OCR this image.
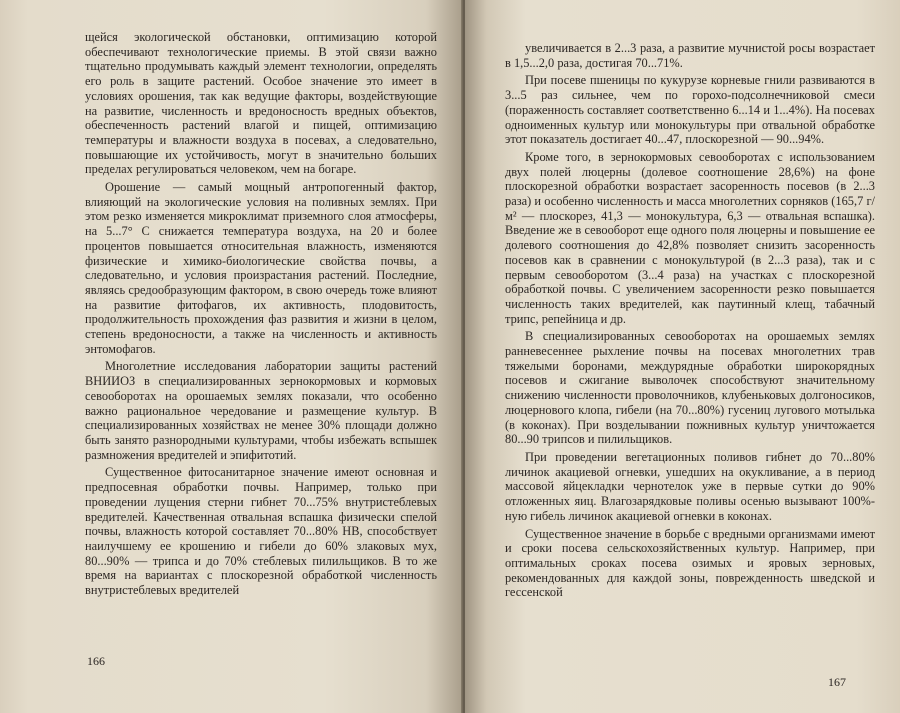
щейся экологической обстановки, оптимизацию которой обеспечивают технологические приемы. В этой связи важно тщательно продумывать каждый элемент технологии, определять его роль в защите растений. Особое значение это имеет в условиях орошения, так как ведущие факторы, воздействующие на развитие, численность и вредоносность вредных объектов, обеспеченность растений влагой и пищей, оптимизацию температуры и влажности воздуха в посевах, а следовательно, повышающие их устойчивость, могут в значительно больших пределах регулироваться человеком, чем на богаре.

Орошение — самый мощный антропогенный фактор, влияющий на экологические условия на поливных землях. При этом резко изменяется микроклимат приземного слоя атмосферы, на 5...7° С снижается температура воздуха, на 20 и более процентов повышается относительная влажность, изменяются физические и химико-биологические свойства почвы, а следовательно, и условия произрастания растений. Последние, являясь средообразующим фактором, в свою очередь тоже влияют на развитие фитофагов, их активность, плодовитость, продолжительность прохождения фаз развития и жизни в целом, степень вредоносности, а также на численность и активность энтомофагов.

Многолетние исследования лаборатории защиты растений ВНИИОЗ в специализированных зернокормовых и кормовых севооборотах на орошаемых землях показали, что особенно важно рациональное чередование и размещение культур. В специализированных хозяйствах не менее 30% площади должно быть занято разнородными культурами, чтобы избежать вспышек размножения вредителей и эпифитотий.

Существенное фитосанитарное значение имеют основная и предпосевная обработки почвы. Например, только при проведении лущения стерни гибнет 70...75% внутристеблевых вредителей. Качественная отвальная вспашка физически спелой почвы, влажность которой составляет 70...80% НВ, способствует наилучшему ее крошению и гибели до 60% злаковых мух, 80...90% — трипса и до 70% стеблевых пилильщиков. В то же время на вариантах с плоскорезной обработкой численность внутристеблевых вредителей

166

увеличивается в 2...3 раза, а развитие мучнистой росы возрастает в 1,5...2,0 раза, достигая 70...71%.

При посеве пшеницы по кукурузе корневые гнили развиваются в 3...5 раз сильнее, чем по горохо-подсолнечниковой смеси (пораженность составляет соответственно 6...14 и 1...4%). На посевах одноименных культур или монокультуры при отвальной обработке этот показатель достигает 40...47, плоскорезной — 90...94%.

Кроме того, в зернокормовых севооборотах с использованием двух полей люцерны (долевое соотношение 28,6%) на фоне плоскорезной обработки возрастает засоренность посевов (в 2...3 раза) и особенно численность и масса многолетних сорняков (165,7 г/м² — плоскорез, 41,3 — монокультура, 6,3 — отвальная вспашка). Введение же в севооборот еще одного поля люцерны и повышение ее долевого соотношения до 42,8% позволяет снизить засоренность посевов как в сравнении с монокультурой (в 2...3 раза), так и с первым севооборотом (3...4 раза) на участках с плоскорезной обработкой почвы. С увеличением засоренности резко повышается численность таких вредителей, как паутинный клещ, табачный трипс, репейница и др.

В специализированных севооборотах на орошаемых землях ранневесеннее рыхление почвы на посевах многолетних трав тяжелыми боронами, междурядные обработки широкорядных посевов и сжигание выволочек способствуют значительному снижению численности проволочников, клубеньковых долгоносиков, люцернового клопа, гибели (на 70...80%) гусениц лугового мотылька (в коконах). При возделывании пожнивных культур уничтожается 80...90 трипсов и пилильщиков.

При проведении вегетационных поливов гибнет до 70...80% личинок акациевой огневки, ушедших на окукливание, а в период массовой яйцекладки чернотелок уже в первые сутки до 90% отложенных яиц. Влагозарядковые поливы осенью вызывают 100%-ную гибель личинок акациевой огневки в коконах.

Существенное значение в борьбе с вредными организмами имеют и сроки посева сельскохозяйственных культур. Например, при оптимальных сроках посева озимых и яровых зерновых, рекомендованных для каждой зоны, поврежденность шведской и гессенской

167
